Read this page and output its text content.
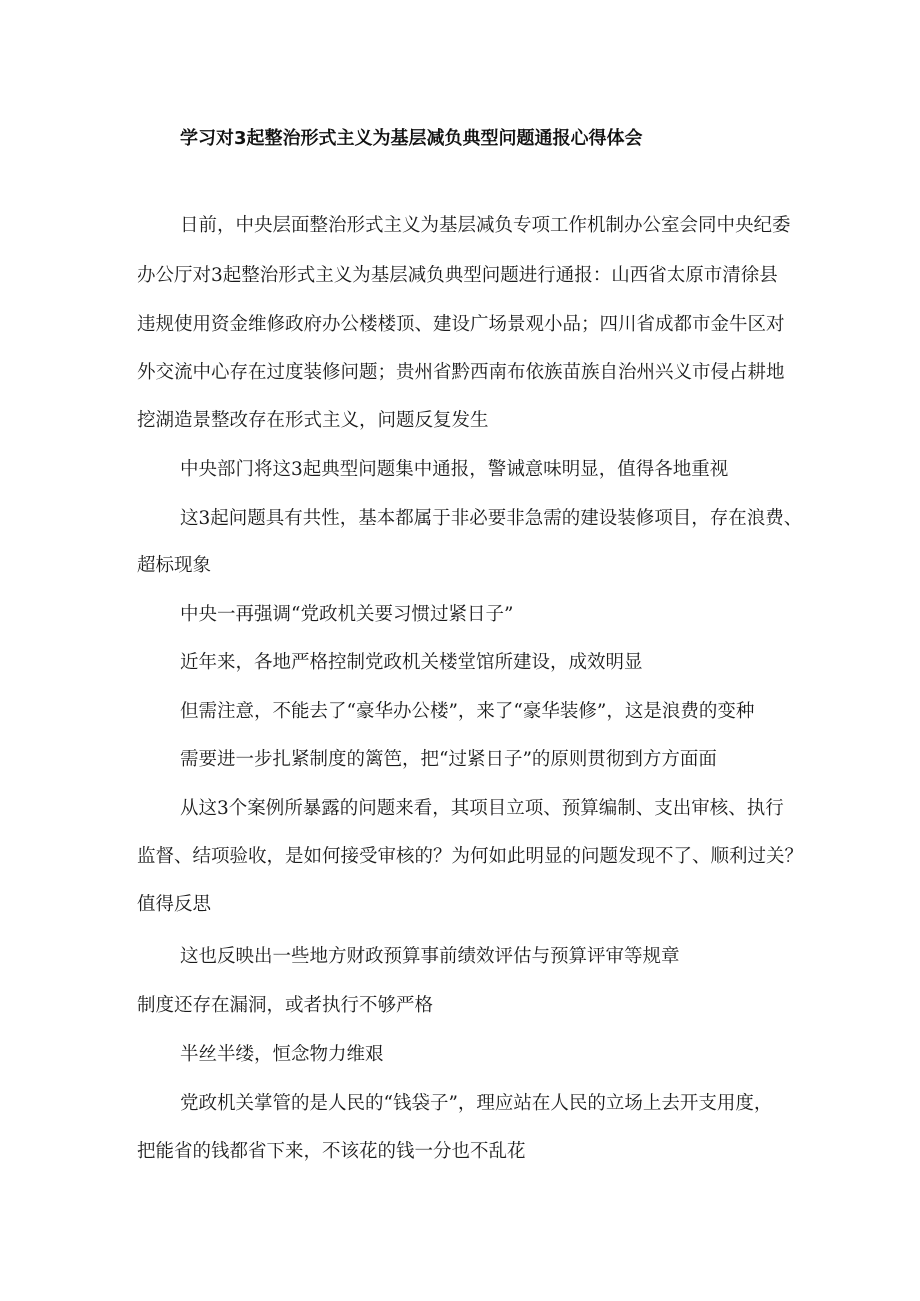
学习对3起整治形式主义为基层减负典型问题通报心得体会
日前，中央层面整治形式主义为基层减负专项工作机制办公室会同中央纪委
办公厅对3起整治形式主义为基层减负典型问题进行通报：山西省太原市清徐县
违规使用资金维修政府办公楼楼顶、建设广场景观小品；四川省成都市金牛区对
外交流中心存在过度装修问题；贵州省黔西南布依族苗族自治州兴义市侵占耕地
挖湖造景整改存在形式主义，问题反复发生
中央部门将这3起典型问题集中通报，警诫意味明显，值得各地重视
这3起问题具有共性，基本都属于非必要非急需的建设装修项目，存在浪费、
超标现象
中央一再强调“党政机关要习惯过紧日子”
近年来，各地严格控制党政机关楼堂馆所建设，成效明显
但需注意，不能去了“豪华办公楼”，来了“豪华装修”，这是浪费的变种
需要进一步扎紧制度的篱笆，把“过紧日子”的原则贯彻到方方面面
从这3个案例所暴露的问题来看，其项目立项、预算编制、支出审核、执行
监督、结项验收，是如何接受审核的？为何如此明显的问题发现不了、顺利过关？
值得反思
这也反映出一些地方财政预算事前绩效评估与预算评审等规章
制度还存在漏洞，或者执行不够严格
半丝半缕，恒念物力维艰
党政机关掌管的是人民的“钱袋子”，理应站在人民的立场上去开支用度，
把能省的钱都省下来，不该花的钱一分也不乱花
